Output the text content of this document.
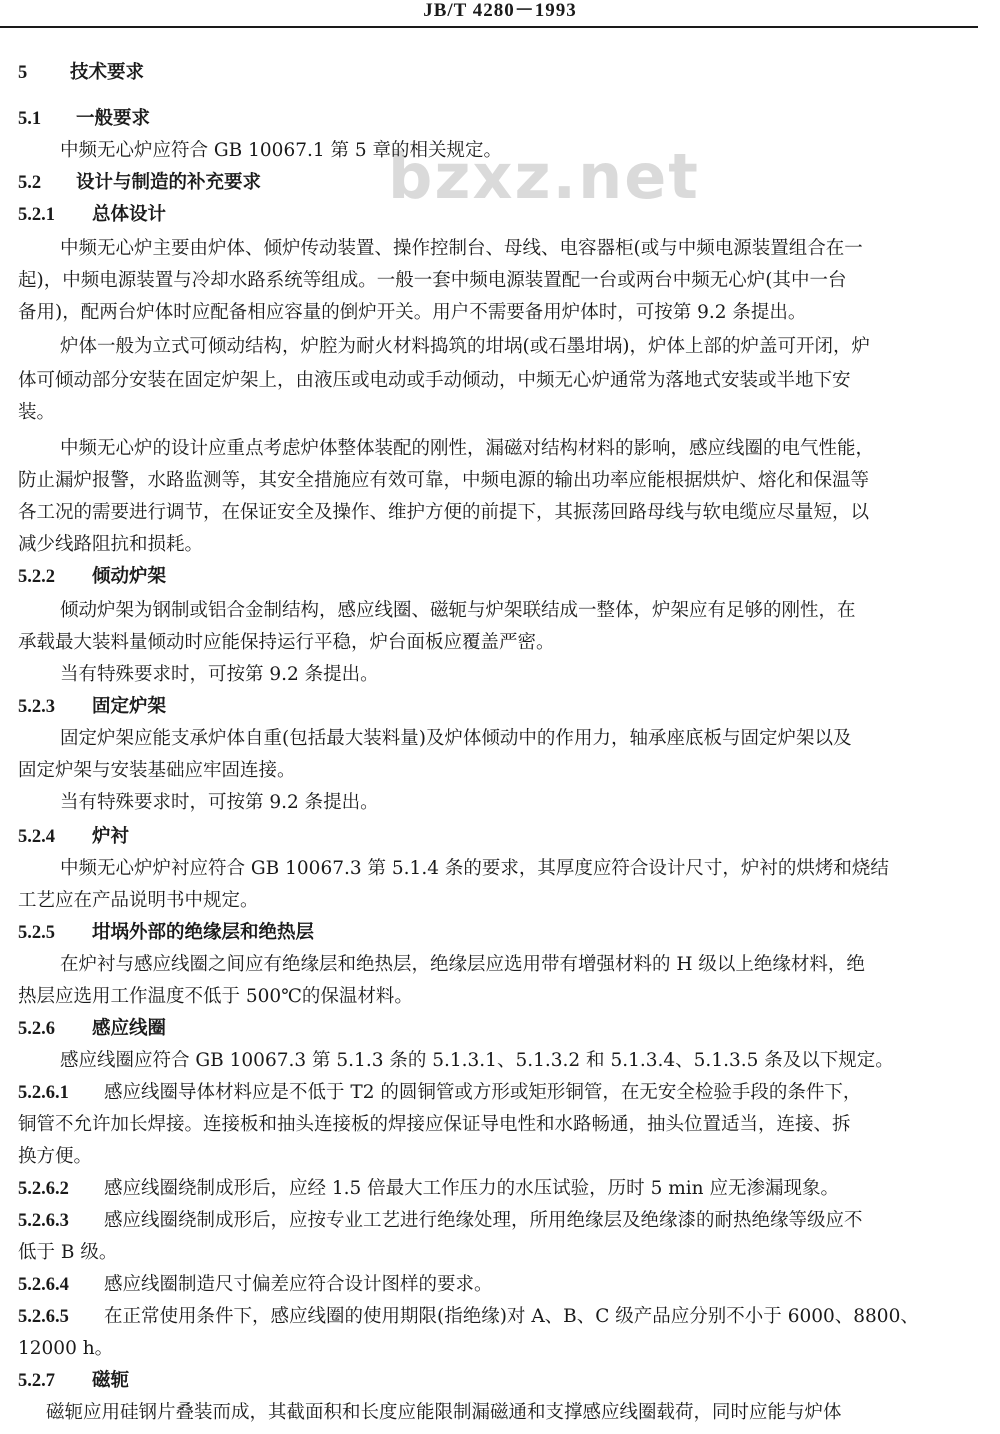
JB/T 4280－1993
bzxz.net
5 技术要求
5.1 一般要求
中频无心炉应符合 GB 10067.1 第 5 章的相关规定。
5.2 设计与制造的补充要求
5.2.1 总体设计
中频无心炉主要由炉体、倾炉传动装置、操作控制台、母线、电容器柜(或与中频电源装置组合在一
起)，中频电源装置与冷却水路系统等组成。一般一套中频电源装置配一台或两台中频无心炉(其中一台
备用)，配两台炉体时应配备相应容量的倒炉开关。用户不需要备用炉体时，可按第 9.2 条提出。
炉体一般为立式可倾动结构，炉腔为耐火材料捣筑的坩埚(或石墨坩埚)，炉体上部的炉盖可开闭，炉
体可倾动部分安装在固定炉架上，由液压或电动或手动倾动，中频无心炉通常为落地式安装或半地下安
装。
中频无心炉的设计应重点考虑炉体整体装配的刚性，漏磁对结构材料的影响，感应线圈的电气性能，
防止漏炉报警，水路监测等，其安全措施应有效可靠，中频电源的输出功率应能根据烘炉、熔化和保温等
各工况的需要进行调节，在保证安全及操作、维护方便的前提下，其振荡回路母线与软电缆应尽量短，以
减少线路阻抗和损耗。
5.2.2 倾动炉架
倾动炉架为钢制或铝合金制结构，感应线圈、磁轭与炉架联结成一整体，炉架应有足够的刚性，在
承载最大装料量倾动时应能保持运行平稳，炉台面板应覆盖严密。
当有特殊要求时，可按第 9.2 条提出。
5.2.3 固定炉架
固定炉架应能支承炉体自重(包括最大装料量)及炉体倾动中的作用力，轴承座底板与固定炉架以及
固定炉架与安装基础应牢固连接。
当有特殊要求时，可按第 9.2 条提出。
5.2.4 炉衬
中频无心炉炉衬应符合 GB 10067.3 第 5.1.4 条的要求，其厚度应符合设计尺寸，炉衬的烘烤和烧结
工艺应在产品说明书中规定。
5.2.5 坩埚外部的绝缘层和绝热层
在炉衬与感应线圈之间应有绝缘层和绝热层，绝缘层应选用带有增强材料的 H 级以上绝缘材料，绝
热层应选用工作温度不低于 500℃的保温材料。
5.2.6 感应线圈
感应线圈应符合 GB 10067.3 第 5.1.3 条的 5.1.3.1、5.1.3.2 和 5.1.3.4、5.1.3.5 条及以下规定。
5.2.6.1 感应线圈导体材料应是不低于 T2 的圆铜管或方形或矩形铜管，在无安全检验手段的条件下，
铜管不允许加长焊接。连接板和抽头连接板的焊接应保证导电性和水路畅通，抽头位置适当，连接、拆
换方便。
5.2.6.2 感应线圈绕制成形后，应经 1.5 倍最大工作压力的水压试验，历时 5 min 应无渗漏现象。
5.2.6.3 感应线圈绕制成形后，应按专业工艺进行绝缘处理，所用绝缘层及绝缘漆的耐热绝缘等级应不
低于 B 级。
5.2.6.4 感应线圈制造尺寸偏差应符合设计图样的要求。
5.2.6.5 在正常使用条件下，感应线圈的使用期限(指绝缘)对 A、B、C 级产品应分别不小于 6000、8800、
12000 h。
5.2.7 磁轭
磁轭应用硅钢片叠装而成，其截面积和长度应能限制漏磁通和支撑感应线圈载荷，同时应能与炉体
